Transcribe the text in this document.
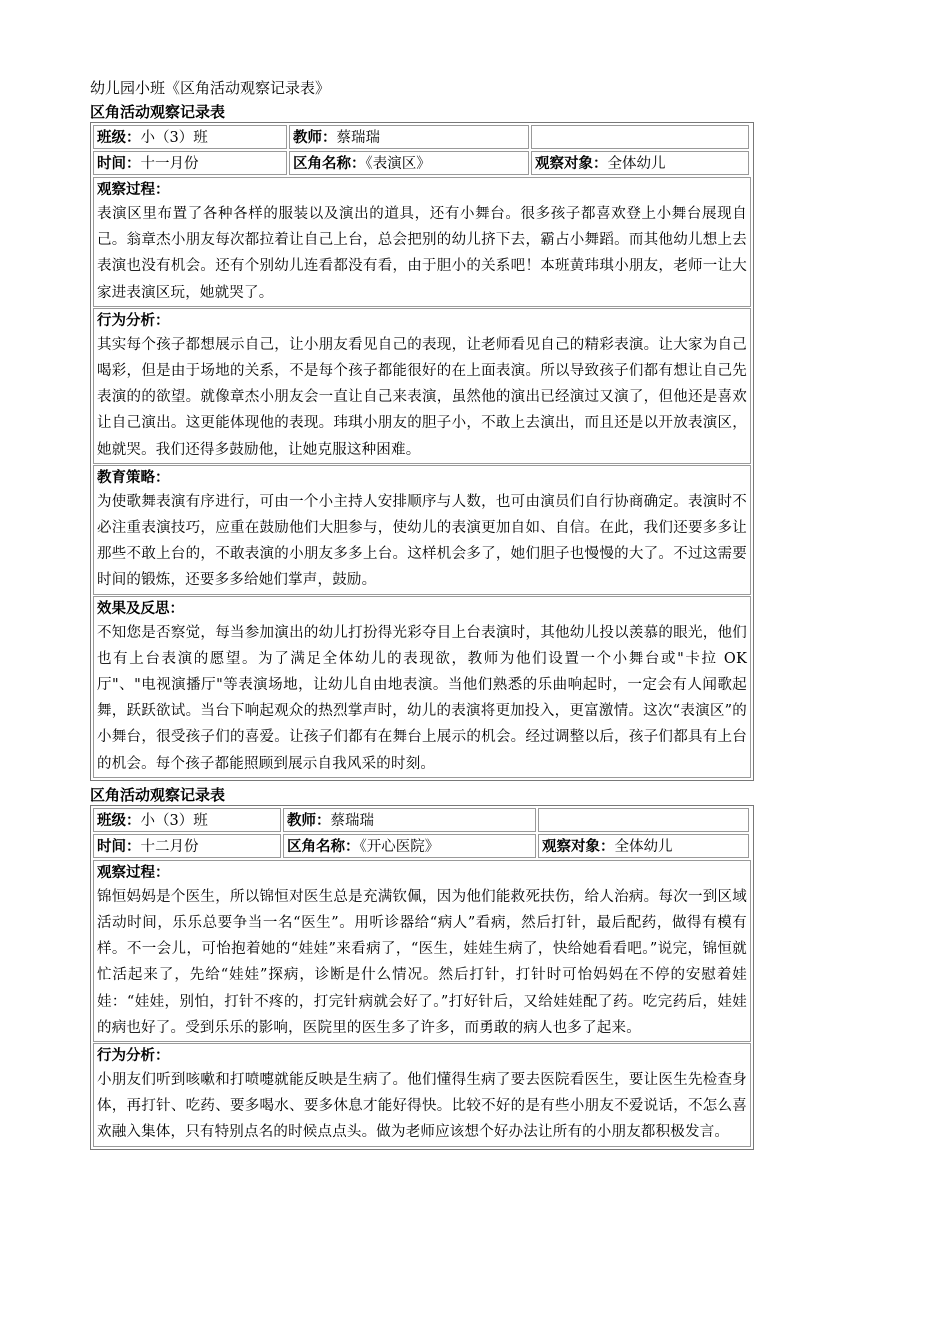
幼儿园小班《区角活动观察记录表》
区角活动观察记录表
班级：小（3）班	教师：蔡瑞瑞
时间：十一月份	区角名称：《表演区》	观察对象：全体幼儿
观察过程：

表演区里布置了各种各样的服装以及演出的道具，还有小舞台。很多孩子都喜欢登上小舞台展现自己。翁章杰小朋友每次都拉着让自己上台，总会把别的幼儿挤下去，霸占小舞蹈。而其他幼儿想上去表演也没有机会。还有个别幼儿连看都没有看，由于胆小的关系吧！本班黄玮琪小朋友，老师一让大家进表演区玩，她就哭了。

行为分析：

其实每个孩子都想展示自己，让小朋友看见自己的表现，让老师看见自己的精彩表演。让大家为自己喝彩，但是由于场地的关系，不是每个孩子都能很好的在上面表演。所以导致孩子们都有想让自己先表演的的欲望。就像章杰小朋友会一直让自己来表演，虽然他的演出已经演过又演了，但他还是喜欢让自己演出。这更能体现他的表现。玮琪小朋友的胆子小，不敢上去演出，而且还是以开放表演区，她就哭。我们还得多鼓励他，让她克服这种困难。

教育策略：

为使歌舞表演有序进行，可由一个小主持人安排顺序与人数，也可由演员们自行协商确定。表演时不必注重表演技巧，应重在鼓励他们大胆参与，使幼儿的表演更加自如、自信。在此，我们还要多多让那些不敢上台的，不敢表演的小朋友多多上台。这样机会多了，她们胆子也慢慢的大了。不过这需要时间的锻炼，还要多多给她们掌声，鼓励。

效果及反思：

不知您是否察觉，每当参加演出的幼儿打扮得光彩夺目上台表演时，其他幼儿投以羡慕的眼光，他们也有上台表演的愿望。为了满足全体幼儿的表现欲，教师为他们设置一个小舞台或"卡拉 OK 厅"、"电视演播厅"等表演场地，让幼儿自由地表演。当他们熟悉的乐曲响起时，一定会有人闻歌起舞，跃跃欲试。当台下响起观众的热烈掌声时，幼儿的表演将更加投入，更富激情。这次“表演区”的小舞台，很受孩子们的喜爱。让孩子们都有在舞台上展示的机会。经过调整以后，孩子们都具有上台的机会。每个孩子都能照顾到展示自我风采的时刻。

区角活动观察记录表
班级：小（3）班	教师：蔡瑞瑞
时间：十二月份	区角名称：《开心医院》	观察对象：全体幼儿
观察过程：

锦恒妈妈是个医生，所以锦恒对医生总是充满钦佩，因为他们能救死扶伤，给人治病。每次一到区域活动时间，乐乐总要争当一名“医生”。用听诊器给“病人”看病，然后打针，最后配药，做得有模有样。不一会儿，可怡抱着她的“娃娃”来看病了，“医生，娃娃生病了，快给她看看吧。”说完，锦恒就忙活起来了，先给“娃娃”探病，诊断是什么情况。然后打针，打针时可怡妈妈在不停的安慰着娃娃：“娃娃，别怕，打针不疼的，打完针病就会好了。”打好针后，又给娃娃配了药。吃完药后，娃娃的病也好了。受到乐乐的影响，医院里的医生多了许多，而勇敢的病人也多了起来。

行为分析：

小朋友们听到咳嗽和打喷嚏就能反映是生病了。他们懂得生病了要去医院看医生，要让医生先检查身体，再打针、吃药、要多喝水、要多休息才能好得快。比较不好的是有些小朋友不爱说话，不怎么喜欢融入集体，只有特别点名的时候点点头。做为老师应该想个好办法让所有的小朋友都积极发言。
